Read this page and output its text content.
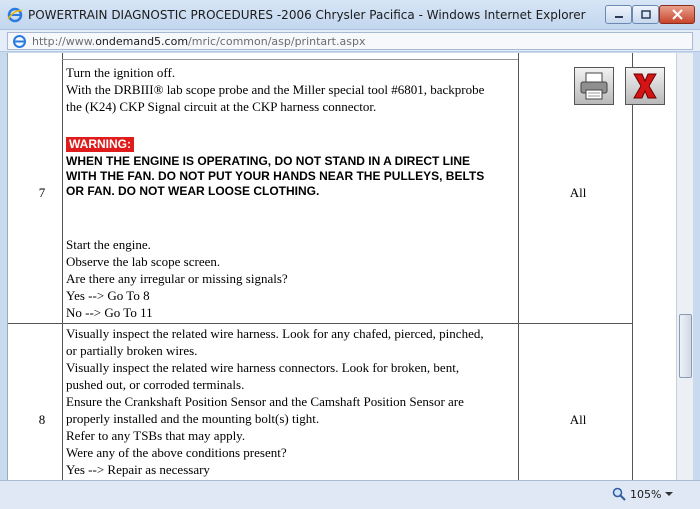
POWERTRAIN DIAGNOSTIC PROCEDURES -2006 Chrysler Pacifica - Windows Internet Explorer
http://www.ondemand5.com/mric/common/asp/printart.aspx
7
Turn the ignition off.
With the DRBIII® lab scope probe and the Miller special tool #6801, backprobe
the (K24) CKP Signal circuit at the CKP harness connector.
WARNING:
WHEN THE ENGINE IS OPERATING, DO NOT STAND IN A DIRECT LINE
WITH THE FAN. DO NOT PUT YOUR HANDS NEAR THE PULLEYS, BELTS
OR FAN. DO NOT WEAR LOOSE CLOTHING.
Start the engine.
Observe the lab scope screen.
Are there any irregular or missing signals?
Yes --> Go To 8
No --> Go To 11
All
8
Visually inspect the related wire harness. Look for any chafed, pierced, pinched,
or partially broken wires.
Visually inspect the related wire harness connectors. Look for broken, bent,
pushed out, or corroded terminals.
Ensure the Crankshaft Position Sensor and the Camshaft Position Sensor are
properly installed and the mounting bolt(s) tight.
Refer to any TSBs that may apply.
Were any of the above conditions present?
Yes --> Repair as necessary
All
105%
